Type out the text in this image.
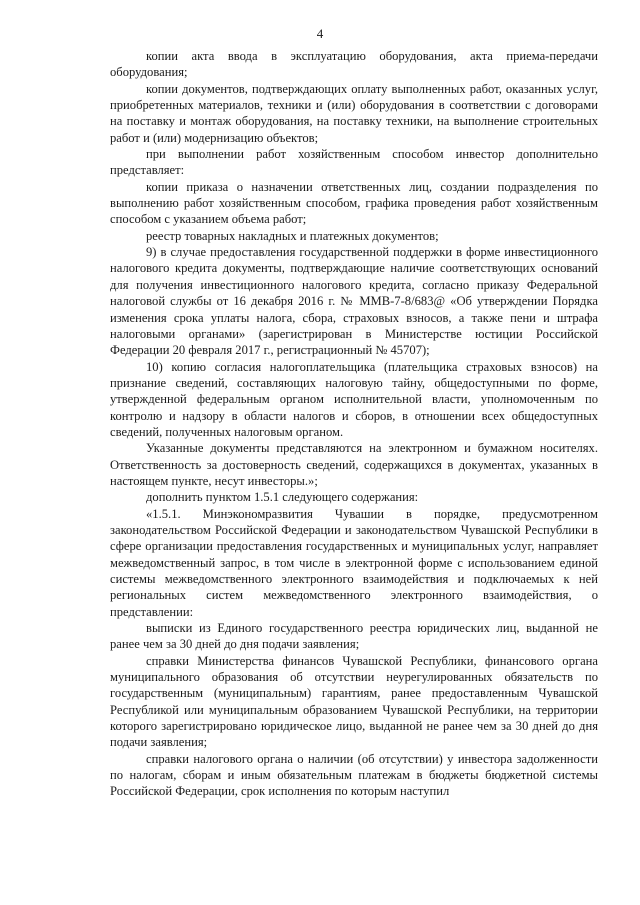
4

копии акта ввода в эксплуатацию оборудования, акта приема-передачи оборудования;

копии документов, подтверждающих оплату выполненных работ, оказанных услуг, приобретенных материалов, техники и (или) оборудования в соответствии с договорами на поставку и монтаж оборудования, на поставку техники, на выполнение строительных работ и (или) модернизацию объектов;

при выполнении работ хозяйственным способом инвестор дополнительно представляет:

копии приказа о назначении ответственных лиц, создании подразделения по выполнению работ хозяйственным способом, графика проведения работ хозяйственным способом с указанием объема работ;

реестр товарных накладных и платежных документов;

9) в случае предоставления государственной поддержки в форме инвестиционного налогового кредита документы, подтверждающие наличие соответствующих оснований для получения инвестиционного налогового кредита, согласно приказу Федеральной налоговой службы от 16 декабря 2016 г. № ММВ-7-8/683@ «Об утверждении Порядка изменения срока уплаты налога, сбора, страховых взносов, а также пени и штрафа налоговыми органами» (зарегистрирован в Министерстве юстиции Российской Федерации 20 февраля 2017 г., регистрационный № 45707);

10) копию согласия налогоплательщика (плательщика страховых взносов) на признание сведений, составляющих налоговую тайну, общедоступными по форме, утвержденной федеральным органом исполнительной власти, уполномоченным по контролю и надзору в области налогов и сборов, в отношении всех общедоступных сведений, полученных налоговым органом.

Указанные документы представляются на электронном и бумажном носителях. Ответственность за достоверность сведений, содержащихся в документах, указанных в настоящем пункте, несут инвесторы.»;

дополнить пунктом 1.5.1 следующего содержания:

«1.5.1. Минэкономразвития Чувашии в порядке, предусмотренном законодательством Российской Федерации и законодательством Чувашской Республики в сфере организации предоставления государственных и муниципальных услуг, направляет межведомственный запрос, в том числе в электронной форме с использованием единой системы межведомственного электронного взаимодействия и подключаемых к ней региональных систем межведомственного электронного взаимодействия, о представлении:

выписки из Единого государственного реестра юридических лиц, выданной не ранее чем за 30 дней до дня подачи заявления;

справки Министерства финансов Чувашской Республики, финансового органа муниципального образования об отсутствии неурегулированных обязательств по государственным (муниципальным) гарантиям, ранее предоставленным Чувашской Республикой или муниципальным образованием Чувашской Республики, на территории которого зарегистрировано юридическое лицо, выданной не ранее чем за 30 дней до дня подачи заявления;

справки налогового органа о наличии (об отсутствии) у инвестора задолженности по налогам, сборам и иным обязательным платежам в бюджеты бюджетной системы Российской Федерации, срок исполнения по которым наступил
